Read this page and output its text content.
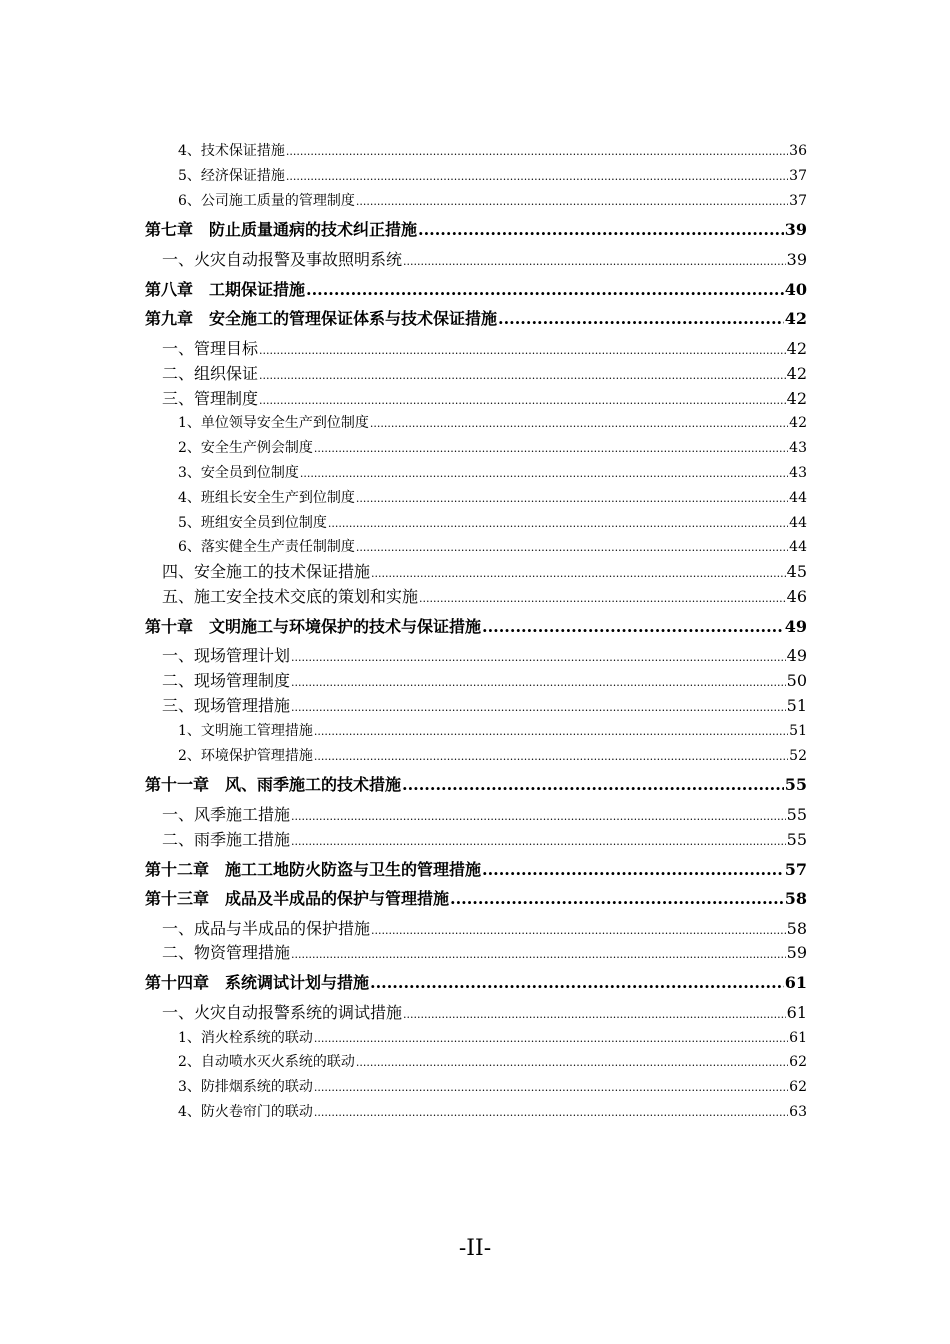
4、技术保证措施 .....	36
5、经济保证措施 .....	37
6、公司施工质量的管理制度 .....	37
第七章　防止质量通病的技术纠正措施 .....	39
一、火灾自动报警及事故照明系统 .....	39
第八章　工期保证措施 .....	40
第九章　安全施工的管理保证体系与技术保证措施 .....	42
一、管理目标 .....	42
二、组织保证 .....	42
三、管理制度 .....	42
1、单位领导安全生产到位制度 .....	42
2、安全生产例会制度 .....	43
3、安全员到位制度 .....	43
4、班组长安全生产到位制度 .....	44
5、班组安全员到位制度 .....	44
6、落实健全生产责任制制度 .....	44
四、安全施工的技术保证措施 .....	45
五、施工安全技术交底的策划和实施 .....	46
第十章　文明施工与环境保护的技术与保证措施 .....	49
一、现场管理计划 .....	49
二、现场管理制度 .....	50
三、现场管理措施 .....	51
1、文明施工管理措施 .....	51
2、环境保护管理措施 .....	52
第十一章　风、雨季施工的技术措施 .....	55
一、风季施工措施 .....	55
二、雨季施工措施 .....	55
第十二章　施工工地防火防盗与卫生的管理措施 .....	57
第十三章　成品及半成品的保护与管理措施 .....	58
一、成品与半成品的保护措施 .....	58
二、物资管理措施 .....	59
第十四章　系统调试计划与措施 .....	61
一、火灾自动报警系统的调试措施 .....	61
1、消火栓系统的联动 .....	61
2、自动喷水灭火系统的联动 .....	62
3、防排烟系统的联动 .....	62
4、防火卷帘门的联动 .....	63
-II-
